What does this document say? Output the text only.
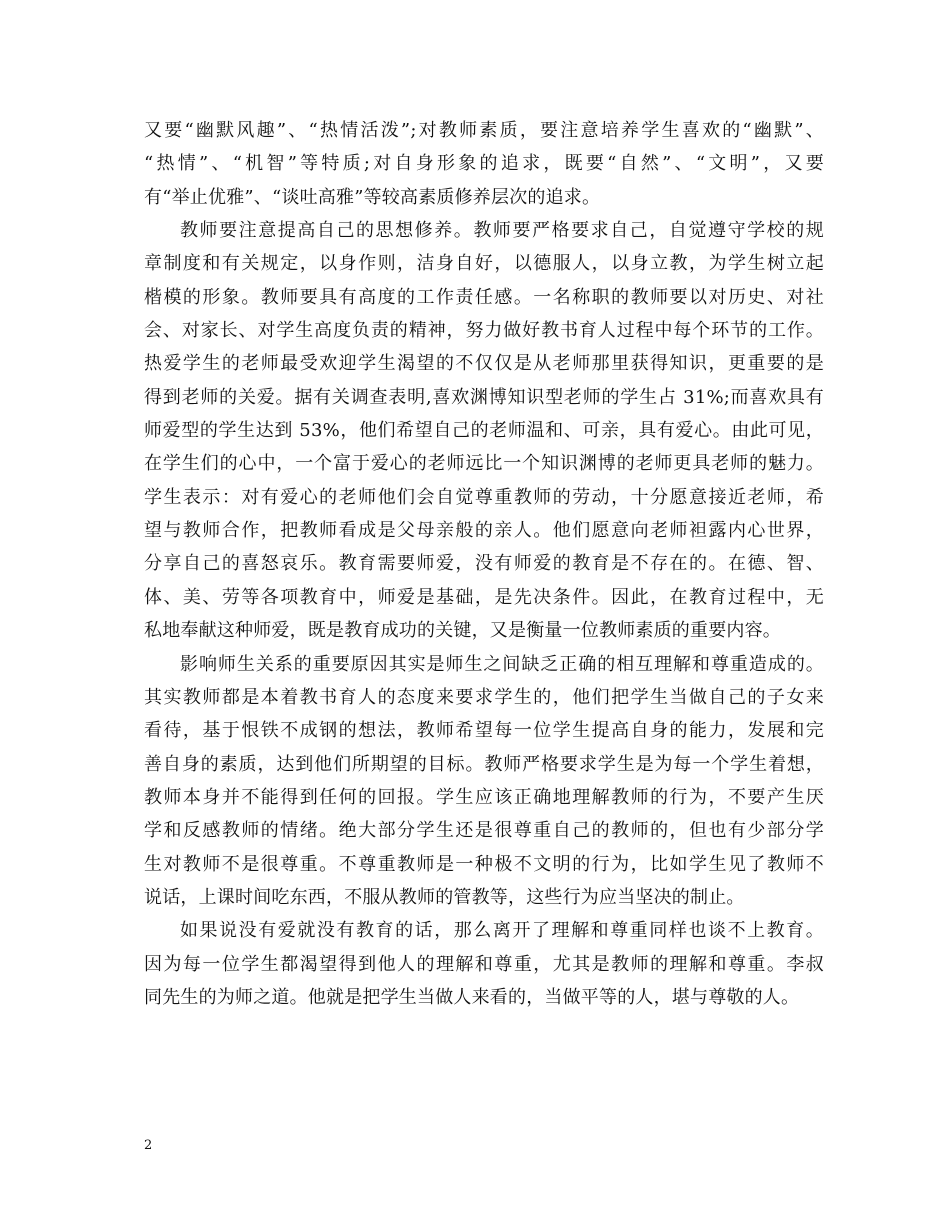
又要“幽默风趣”、“热情活泼”;对教师素质，要注意培养学生喜欢的“幽默”、
“热情”、“机智”等特质;对自身形象的追求，既要“自然”、“文明”，又要
有“举止优雅”、“谈吐高雅”等较高素质修养层次的追求。
教师要注意提高自己的思想修养。教师要严格要求自己，自觉遵守学校的规
章制度和有关规定，以身作则，洁身自好，以德服人，以身立教，为学生树立起
楷模的形象。教师要具有高度的工作责任感。一名称职的教师要以对历史、对社
会、对家长、对学生高度负责的精神，努力做好教书育人过程中每个环节的工作。
热爱学生的老师最受欢迎学生渴望的不仅仅是从老师那里获得知识，更重要的是
得到老师的关爱。据有关调查表明,喜欢渊博知识型老师的学生占 31%;而喜欢具有
师爱型的学生达到 53%，他们希望自己的老师温和、可亲，具有爱心。由此可见，
在学生们的心中，一个富于爱心的老师远比一个知识渊博的老师更具老师的魅力。
学生表示：对有爱心的老师他们会自觉尊重教师的劳动，十分愿意接近老师，希
望与教师合作，把教师看成是父母亲般的亲人。他们愿意向老师袒露内心世界，
分享自己的喜怒哀乐。教育需要师爱，没有师爱的教育是不存在的。在德、智、
体、美、劳等各项教育中，师爱是基础，是先决条件。因此，在教育过程中，无
私地奉献这种师爱，既是教育成功的关键，又是衡量一位教师素质的重要内容。
影响师生关系的重要原因其实是师生之间缺乏正确的相互理解和尊重造成的。
其实教师都是本着教书育人的态度来要求学生的，他们把学生当做自己的子女来
看待，基于恨铁不成钢的想法，教师希望每一位学生提高自身的能力，发展和完
善自身的素质，达到他们所期望的目标。教师严格要求学生是为每一个学生着想，
教师本身并不能得到任何的回报。学生应该正确地理解教师的行为，不要产生厌
学和反感教师的情绪。绝大部分学生还是很尊重自己的教师的，但也有少部分学
生对教师不是很尊重。不尊重教师是一种极不文明的行为，比如学生见了教师不
说话，上课时间吃东西，不服从教师的管教等，这些行为应当坚决的制止。
如果说没有爱就没有教育的话，那么离开了理解和尊重同样也谈不上教育。
因为每一位学生都渴望得到他人的理解和尊重，尤其是教师的理解和尊重。李叔
同先生的为师之道。他就是把学生当做人来看的，当做平等的人，堪与尊敬的人。
2
